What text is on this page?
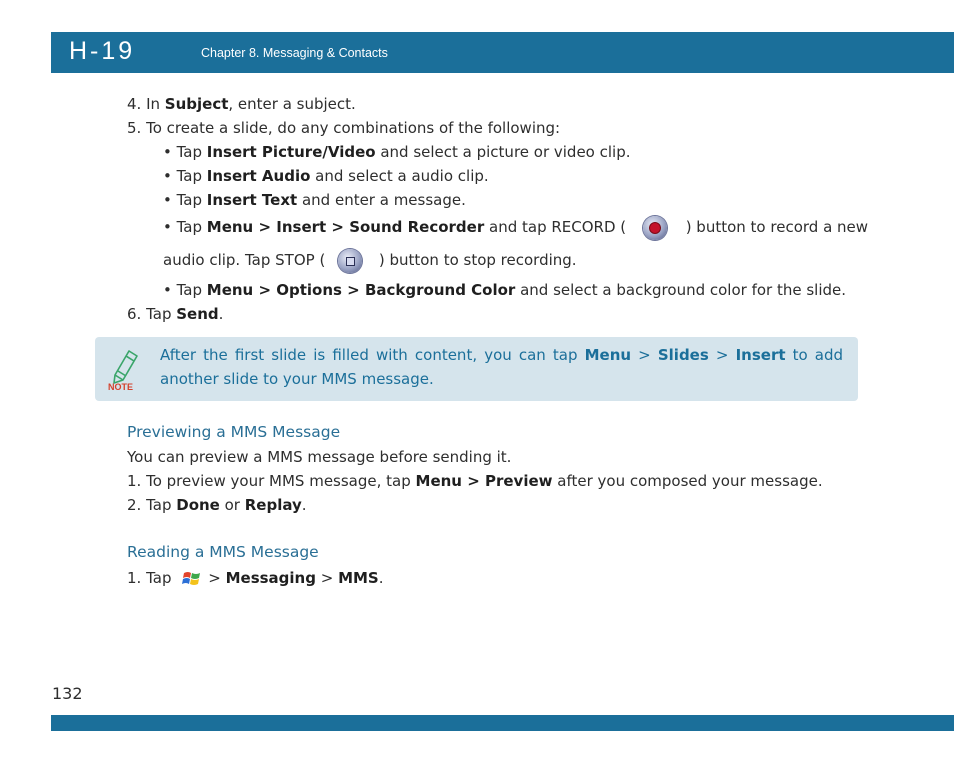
H-19	Chapter 8. Messaging & Contacts
4. In Subject, enter a subject.
5. To create a slide, do any combinations of the following:
• Tap Insert Picture/Video and select a picture or video clip.
• Tap Insert Audio and select a audio clip.
• Tap Insert Text and enter a message.
• Tap Menu > Insert > Sound Recorder and tap RECORD (	) button to record a new
audio clip. Tap STOP (	) button to stop recording.
• Tap Menu > Options > Background Color and select a background color for the slide.
6. Tap Send.
NOTE
After the first slide is filled with content, you can tap Menu > Slides > Insert to add another slide to your MMS message.
Previewing a MMS Message
You can preview a MMS message before sending it.
1. To preview your MMS message, tap Menu > Preview after you composed your message.
2. Tap Done or Replay.
Reading a MMS Message
1. Tap > Messaging > MMS.
132
